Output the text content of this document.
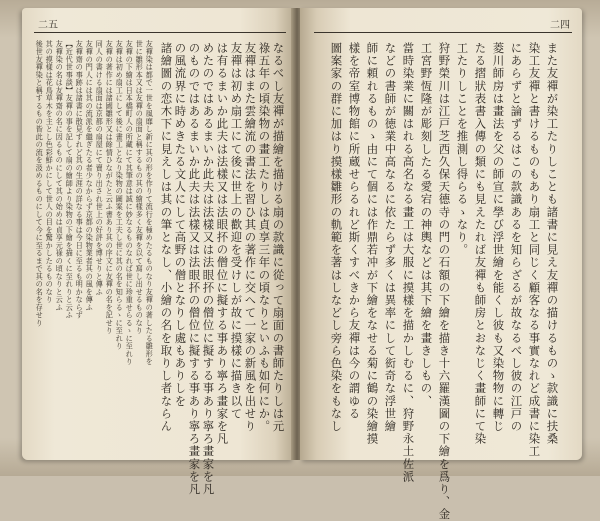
二五
後世友禪染と稱するもの皆此の流を汲めるものにして今に至るまで其の名を存せり 其の摸樣は花鳥草木を主とし色彩鮮かにして世人の目を驚かしたるものなり 友禪染の名は友禪齋の名に因るものにして其の始めは貞享元祿の頃なりと云ふ 【近代世事談】友禪の事を記して扇の繪師より染物の下繪を描くに至れりと云ふ 友禪齋の事跡は諸書に散見すれど其の生涯の詳なる事は今日に至るも明かならず 友禪の門人には其の流派を繼ぎたる者少なからず京都の染物業者其の風を傳ふ 同人の書ける扇面は京都の扇屋にて賣り出され世上の好評を博せりと傳ふ 友禪の著作には諸國雛形又は餘情ひながたと云ふ書あり其の序文に友禪の名を記せり 友禪は初め扇工にして後に畫工となり染物の圖案を工夫し世に其の名を知らるゝに至れり 友禪の下繪は日本橋町人の所藏にて其筆意は誠に妙なるものなれば世に珍重せらるゝに至れり 世に雛形本又は友禪の扇面と稱するもの其の繪樣多く友禪を以て寫し出せるものなり 友禪染は都で一世を風靡し新に其の形を作りて流行を極めたるものなり友禪の著したる雛形を 諸繪圖の恋木下に見えしは其の筆となし、小繪の名を取りし者ならん の風流界に時めきたる文人にして高野の僧となりし處もありしを のものではあるまいか此夫は法樣又は法眼抔の僧位に擬する事あり寧ろ畫家を凡 めたのではあるまいか此夫は法樣又は法眼抔の僧位に擬する事あり寧ろ畫家を凡 は有るまいか此夫は法樣又は法眼抔の僧位に擬する事あり寧ろ畫家を凡 友禪は初め扇工にて後に世上の歡迎を受けしが故に摸樣に描き以て 友禪はまた雲繪流の書法を習ひ其の著作に交へて一家の新風を出せり 祿五年の頃染物の畫工たりしは貞享三年の頃なりといふも如何にか。 なるべし友禪が描繪を描ける扇の款識に從って扇面の書師たりしは元
二四
圖案家の群に加はり摸樣雛形の軌範を著はしなどし旁ら色染をもなし 樣を帝室博物館に所蔵せらるれど斯くすべきから友禪は今の謂ゆる 師に頼れるものゝ由にて個には作鼎若冲が下繪をなせる菊に鶴の染繪摸 などの書師が徳業中高なるに依たらず多くは異率にして衒奇な浮世繪 當時染業に關はれる高名なる畫工は大服に摸樣を描かしむるに、狩野永土佐派 工宮野恆隆が彫刻したる愛宕の神輿などは其下繪を畫きしもの、 狩野榮川は江戸芝西久保天德寺の門の石額の下繪を描き十六羅漢圖の下繪を爲り、金 工たりしことを推測し得らるゝなり。 たる摺狀表書入傳の類にも見えたれば友禪も師房とおなじく畫師にて染 菱川師房は畫法を父の師宣に學び浮世繪を能くし彼も又染物物に轉じ にあらずと論ずるはこの款識あるを知らざるが故なるべし彼の江戸の 染工友禪と書けるものもあり扇工と同じく顧客なる事實なれど成書に染工 また友禪が染工たりしことも諸書に見え友禪の描けるものゝ款識に扶桑
